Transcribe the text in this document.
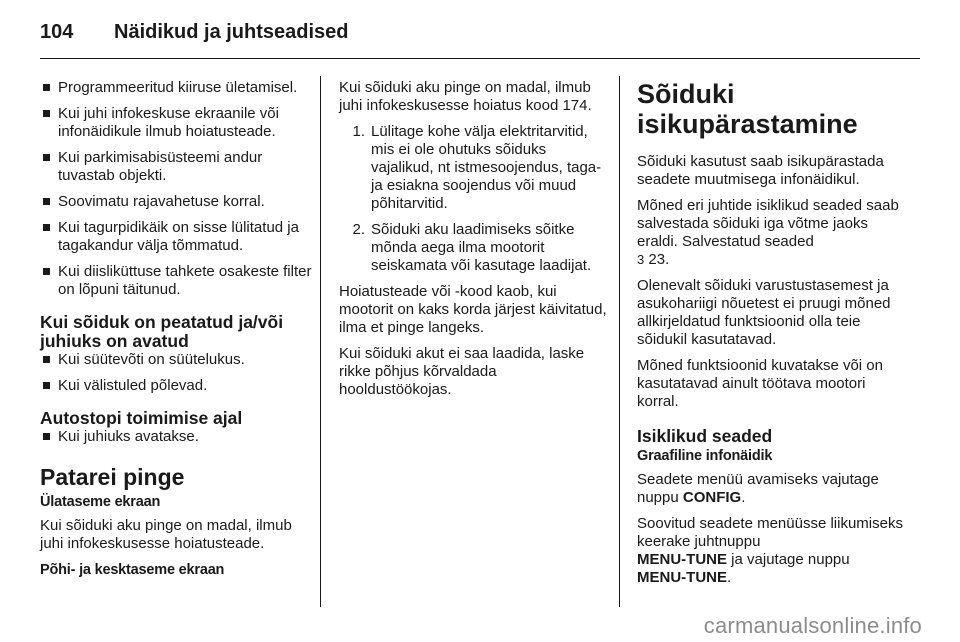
104 Näidikud ja juhtseadised
Programmeeritud kiiruse ületamisel.
Kui juhi infokeskuse ekraanile või infonäidikule ilmub hoiatusteade.
Kui parkimisabisüsteemi andur tuvastab objekti.
Soovimatu rajavahetuse korral.
Kui tagurpidikäik on sisse lülitatud ja tagakandur välja tõmmatud.
Kui diisliküttuse tahkete osakeste filter on lõpuni täitunud.
Kui sõiduk on peatatud ja/või juhiuks on avatud
Kui süütevõti on süütelukus.
Kui välistuled põlevad.
Autostopi toimimise ajal
Kui juhiuks avatakse.
Patarei pinge
Ülataseme ekraan

Kui sõiduki aku pinge on madal, ilmub juhi infokeskusesse hoiatusteade.

Põhi- ja kesktaseme ekraan

Kui sõiduki aku pinge on madal, ilmub juhi infokeskusesse hoiatus kood 174.

1. Lülitage kohe välja elektritarvitid, mis ei ole ohutuks sõiduks vajalikud, nt istmesoojendus, taga- ja esiakna soojendus või muud põhitarvitid.
2. Sõiduki aku laadimiseks sõitke mõnda aega ilma mootorit seiskamata või kasutage laadijat.

Hoiatusteade või -kood kaob, kui mootorit on kaks korda järjest käivitatud, ilma et pinge langeks.

Kui sõiduki akut ei saa laadida, laske rikke põhjus kõrvaldada hooldustöökojas.

Sõiduki isikupärastamine

Sõiduki kasutust saab isikupärastada seadete muutmisega infonäidikul.

Mõned eri juhtide isiklikud seaded saab salvestada sõiduki iga võtme jaoks eraldi. Salvestatud seaded
3 23.

Olenevalt sõiduki varustustasemest ja asukohariigi nõuetest ei pruugi mõned allkirjeldatud funktsioonid olla teie sõidukil kasutatavad.

Mõned funktsioonid kuvatakse või on kasutatavad ainult töötava mootori korral.

Isiklikud seaded
Graafiline infonäidik

Seadete menüü avamiseks vajutage nuppu CONFIG.

Soovitud seadete menüüsse liikumiseks keerake juhtnuppu
MENU-TUNE ja vajutage nuppu
MENU-TUNE.

carmanualsonline.info
